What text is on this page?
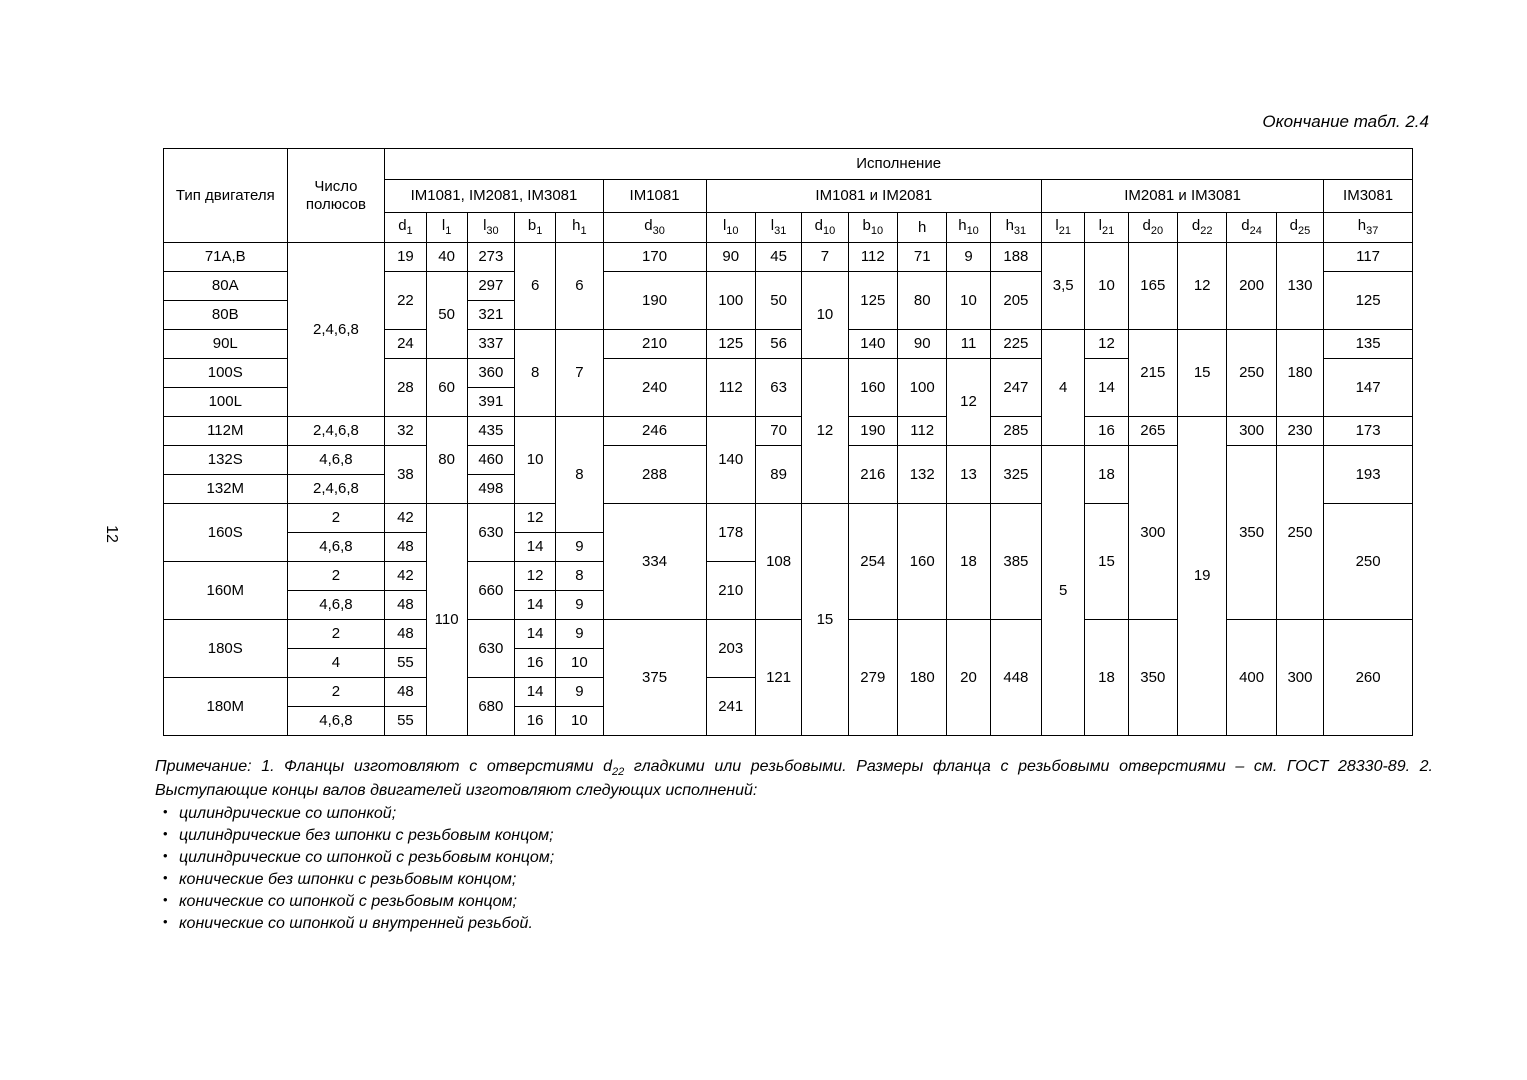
Окончание табл. 2.4
12
Тип двигателя	Число полюсов	Исполнение																			
		IM1081, IM2081, IM3081					IM1081	IM1081 и IM2081							IM2081 и IM3081						IM3081
		$d_1$	$l_1$	$l_{30}$	$b_1$	$h_1$	$d_{30}$	$l_{10}$	$l_{31}$	$d_{10}$	$b_{10}$	h	$h_{10}$	$h_{31}$	$l_{21}$	$l_{21}$	$d_{20}$	$d_{22}$	$d_{24}$	$d_{25}$	$h_{37}$
71А,В	2,4,6,8	19	40	273	6	6	170	90	45	7	112	71	9	188	3,5	10	165	12	200	130	117
80А		22	50	297			190	100	50	10	125	80	10	205							125
80В				321																	
90L		24		337	8	7	210	125	56		140	90	11	225	4	12	215	15	250	180	135
100S		28	60	360			240	112	63	12	160	100	12	247		14					147
100L				391																	
112М	2,4,6,8	32	80	435	10	8	246	140	70		190	112		285		16	265	19	300	230	173
132S	4,6,8	38		460			288		89		216	132	13	325	5	18	300		350	250	193
132М	2,4,6,8			498																	
160S	2	42	110	630	12		334	178	108	15	254	160	18	385		15					250
	4,6,8	48			14	9															
160М	2	42		660	12	8		210													
	4,6,8	48			14	9															
180S	2	48		630	14	9	375	203	121		279	180	20	448		18	350		400	300	260
	4	55			16	10															
180М	2	48		680	14	9		241													
	4,6,8	55			16	10															

Примечание: 1. Фланцы изготовляют с отверстиями $d_{22}$ гладкими или резьбовыми. Размеры фланца с резьбовыми отверстиями – см. ГОСТ 28330-89. 2. Выступающие концы валов двигателей изготовляют следующих исполнений:

• цилиндрические со шпонкой;
• цилиндрические без шпонки с резьбовым концом;
• цилиндрические со шпонкой с резьбовым концом;
• конические без шпонки с резьбовым концом;
• конические со шпонкой с резьбовым концом;
• конические со шпонкой и внутренней резьбой.
